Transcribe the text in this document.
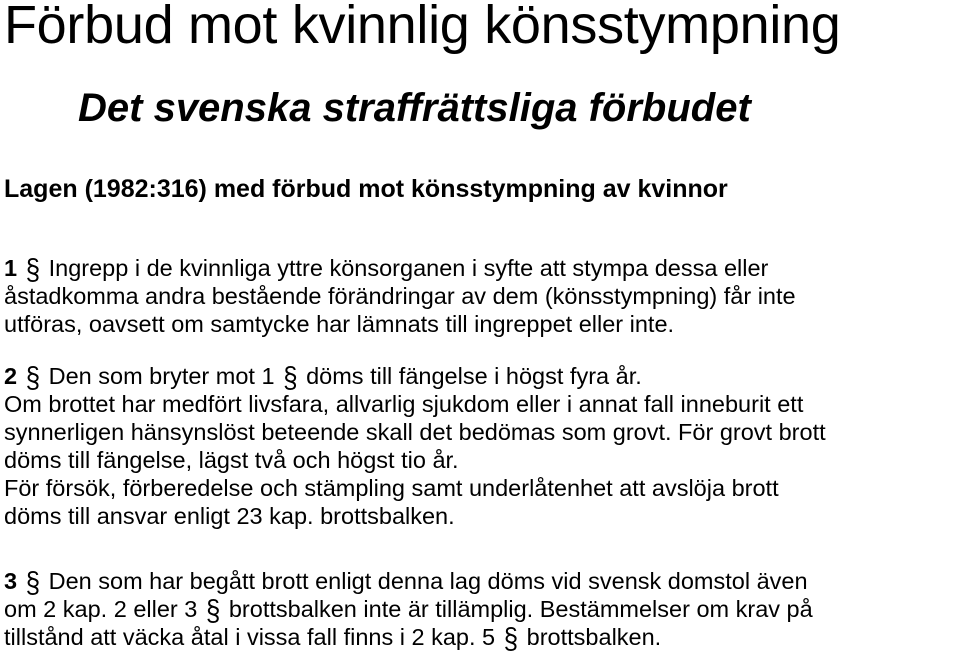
Förbud mot kvinnlig könsstympning
Det svenska straffrättsliga förbudet
Lagen (1982:316) med förbud mot könsstympning av kvinnor

1 § Ingrepp i de kvinnliga yttre könsorganen i syfte att stympa dessa eller

åstadkomma andra bestående förändringar av dem (könsstympning) får inte

utföras, oavsett om samtycke har lämnats till ingreppet eller inte.

2 § Den som bryter mot 1 § döms till fängelse i högst fyra år.

Om brottet har medfört livsfara, allvarlig sjukdom eller i annat fall inneburit ett

synnerligen hänsynslöst beteende skall det bedömas som grovt. För grovt brott

döms till fängelse, lägst två och högst tio år.

För försök, förberedelse och stämpling samt underlåtenhet att avslöja brott

döms till ansvar enligt 23 kap. brottsbalken.

3 § Den som har begått brott enligt denna lag döms vid svensk domstol även

om 2 kap. 2 eller 3 § brottsbalken inte är tillämplig. Bestämmelser om krav på

tillstånd att väcka åtal i vissa fall finns i 2 kap. 5 § brottsbalken.
